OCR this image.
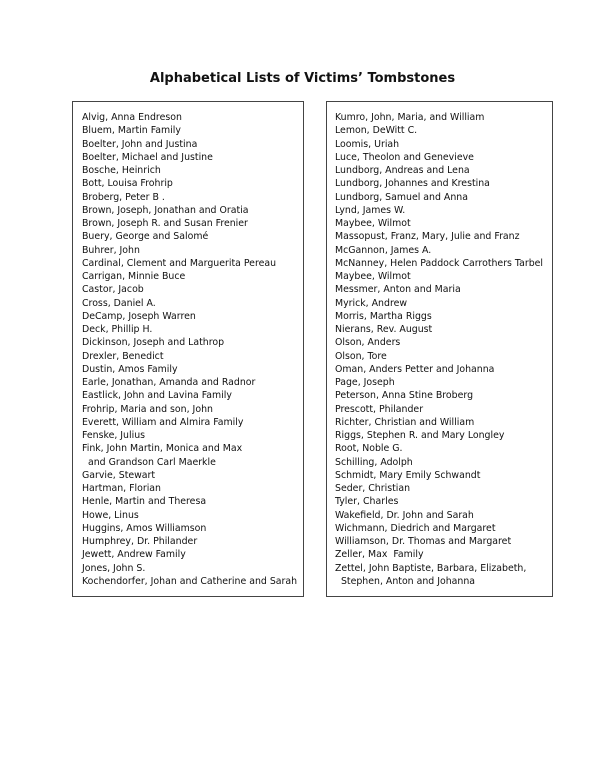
Alphabetical Lists of Victims’ Tombstones
Alvig, Anna Endreson
Bluem, Martin Family
Boelter, John and Justina
Boelter, Michael and Justine
Bosche, Heinrich
Bott, Louisa Frohrip
Broberg, Peter B .
Brown, Joseph, Jonathan and Oratia
Brown, Joseph R. and Susan Frenier
Buery, George and Salomé
Buhrer, John
Cardinal, Clement and Marguerita Pereau
Carrigan, Minnie Buce
Castor, Jacob
Cross, Daniel A.
DeCamp, Joseph Warren
Deck, Phillip H.
Dickinson, Joseph and Lathrop
Drexler, Benedict
Dustin, Amos Family
Earle, Jonathan, Amanda and Radnor
Eastlick, John and Lavina Family
Frohrip, Maria and son, John
Everett, William and Almira Family
Fenske, Julius
Fink, John Martin, Monica and Max
and Grandson Carl Maerkle
Garvie, Stewart
Hartman, Florian
Henle, Martin and Theresa
Howe, Linus
Huggins, Amos Williamson
Humphrey, Dr. Philander
Jewett, Andrew Family
Jones, John S.
Kochendorfer, Johan and Catherine and Sarah
Kumro, John, Maria, and William
Lemon, DeWitt C.
Loomis, Uriah
Luce, Theolon and Genevieve
Lundborg, Andreas and Lena
Lundborg, Johannes and Krestina
Lundborg, Samuel and Anna
Lynd, James W.
Maybee, Wilmot
Massopust, Franz, Mary, Julie and Franz
McGannon, James A.
McNanney, Helen Paddock Carrothers Tarbel
Maybee, Wilmot
Messmer, Anton and Maria
Myrick, Andrew
Morris, Martha Riggs
Nierans, Rev. August
Olson, Anders
Olson, Tore
Oman, Anders Petter and Johanna
Page, Joseph
Peterson, Anna Stine Broberg
Prescott, Philander
Richter, Christian and William
Riggs, Stephen R. and Mary Longley
Root, Noble G.
Schilling, Adolph
Schmidt, Mary Emily Schwandt
Seder, Christian
Tyler, Charles
Wakefield, Dr. John and Sarah
Wichmann, Diedrich and Margaret
Williamson, Dr. Thomas and Margaret
Zeller, Max  Family
Zettel, John Baptiste, Barbara, Elizabeth,
Stephen, Anton and Johanna
